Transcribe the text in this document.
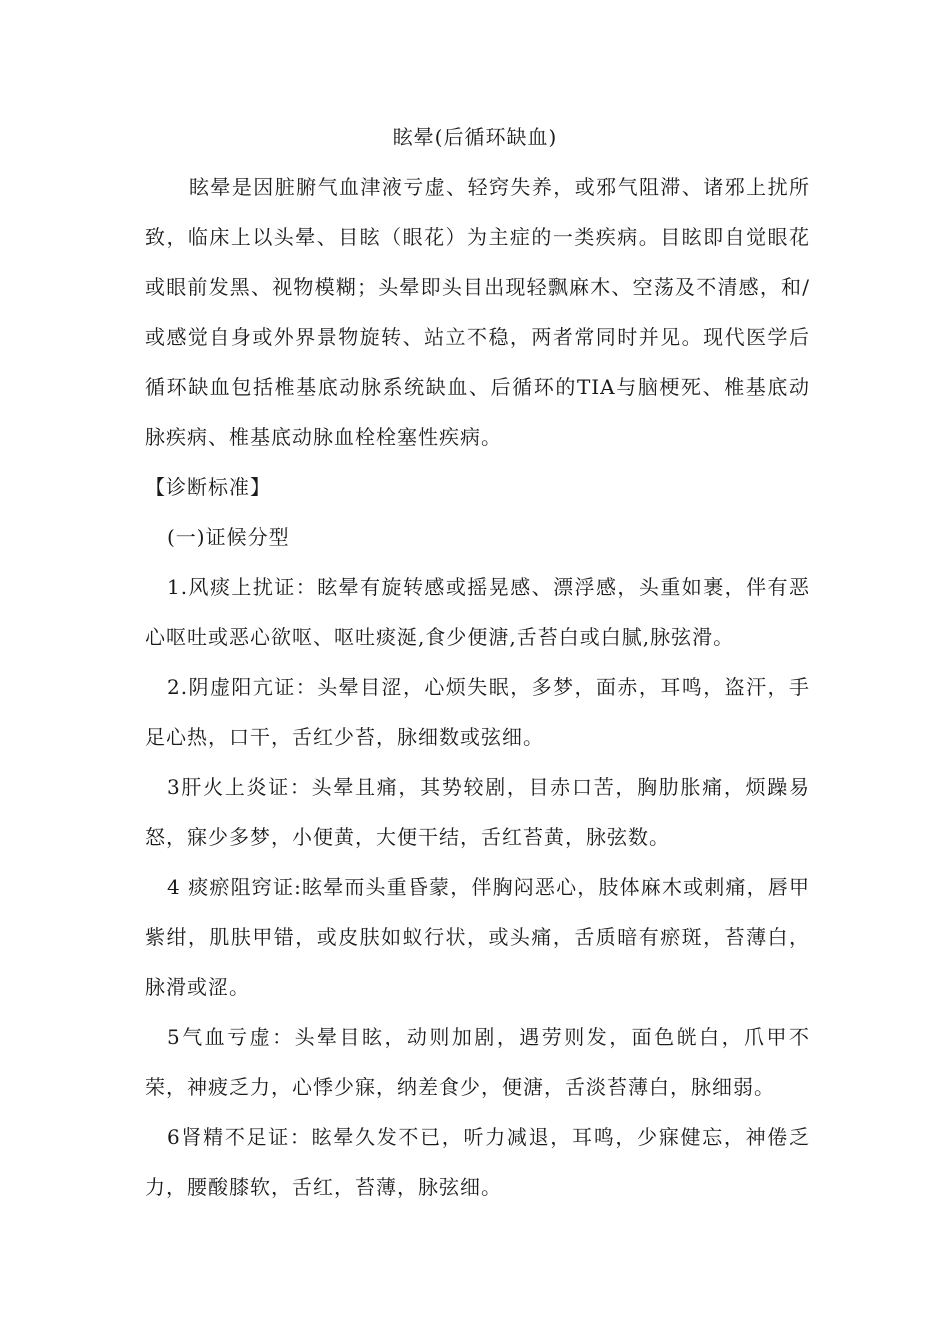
眩晕(后循环缺血)

眩晕是因脏腑气血津液亏虚、轻窍失养，或邪气阻滞、诸邪上扰所致，临床上以头晕、目眩（眼花）为主症的一类疾病。目眩即自觉眼花或眼前发黑、视物模糊；头晕即头目出现轻飘麻木、空荡及不清感，和/或感觉自身或外界景物旋转、站立不稳，两者常同时并见。现代医学后循环缺血包括椎基底动脉系统缺血、后循环的TIA与脑梗死、椎基底动脉疾病、椎基底动脉血栓栓塞性疾病。

【诊断标准】

(一)证候分型

1.风痰上扰证：眩晕有旋转感或摇晃感、漂浮感，头重如裹，伴有恶心呕吐或恶心欲呕、呕吐痰涎,食少便溏,舌苔白或白腻,脉弦滑。

2.阴虚阳亢证：头晕目涩，心烦失眠，多梦，面赤，耳鸣，盗汗，手足心热，口干，舌红少苔，脉细数或弦细。

3肝火上炎证：头晕且痛，其势较剧，目赤口苦，胸肋胀痛，烦躁易怒，寐少多梦，小便黄，大便干结，舌红苔黄，脉弦数。

4 痰瘀阻窍证:眩晕而头重昏蒙，伴胸闷恶心，肢体麻木或刺痛，唇甲紫绀，肌肤甲错，或皮肤如蚁行状，或头痛，舌质暗有瘀斑，苔薄白，脉滑或涩。

5气血亏虚：头晕目眩，动则加剧，遇劳则发，面色㿠白，爪甲不荣，神疲乏力，心悸少寐，纳差食少，便溏，舌淡苔薄白，脉细弱。

6肾精不足证：眩晕久发不已，听力减退，耳鸣，少寐健忘，神倦乏力，腰酸膝软，舌红，苔薄，脉弦细。
